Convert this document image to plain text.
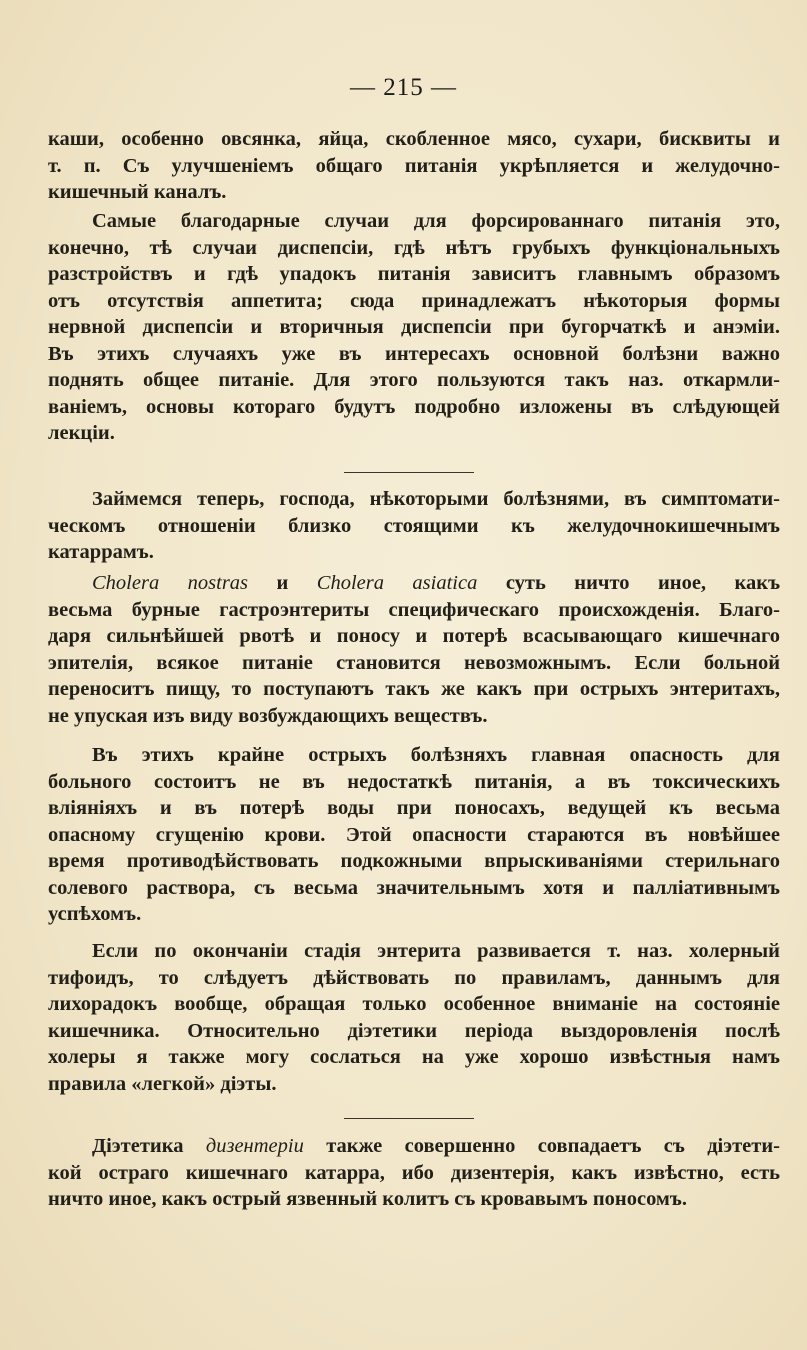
— 215 —
каши, особенно овсянка, яйца, скобленное мясо, сухари, бисквиты и
т. п. Съ улучшеніемъ общаго питанія укрѣпляется и желудочно-
кишечный каналъ.
Самые благодарные случаи для форсированнаго питанія это,
конечно, тѣ случаи диспепсіи, гдѣ нѣтъ грубыхъ функціональныхъ
разстройствъ и гдѣ упадокъ питанія зависитъ главнымъ образомъ
отъ отсутствія аппетита; сюда принадлежатъ нѣкоторыя формы
нервной диспепсіи и вторичныя диспепсіи при бугорчаткѣ и анэміи.
Въ этихъ случаяхъ уже въ интересахъ основной болѣзни важно
поднять общее питаніе. Для этого пользуются такъ наз. откармли-
ваніемъ, основы котораго будутъ подробно изложены въ слѣдующей
лекціи.
Займемся теперь, господа, нѣкоторыми болѣзнями, въ симптомати-
ческомъ отношеніи близко стоящими къ желудочнокишечнымъ
катаррамъ.
Cholera nostras и Cholera asiatica суть ничто иное, какъ
весьма бурные гастроэнтериты специфическаго происхожденія. Благо-
даря сильнѣйшей рвотѣ и поносу и потерѣ всасывающаго кишечнаго
эпителія, всякое питаніе становится невозможнымъ. Если больной
переноситъ пищу, то поступаютъ такъ же какъ при острыхъ энтеритахъ,
не упуская изъ виду возбуждающихъ веществъ.
Въ этихъ крайне острыхъ болѣзняхъ главная опасность для
больного состоитъ не въ недостаткѣ питанія, а въ токсическихъ
вліяніяхъ и въ потерѣ воды при поносахъ, ведущей къ весьма
опасному сгущенію крови. Этой опасности стараются въ новѣйшее
время противодѣйствовать подкожными впрыскиваніями стерильнаго
солевого раствора, съ весьма значительнымъ хотя и палліативнымъ
успѣхомъ.
Если по окончаніи стадія энтерита развивается т. наз. холерный
тифоидъ, то слѣдуетъ дѣйствовать по правиламъ, даннымъ для
лихорадокъ вообще, обращая только особенное вниманіе на состояніе
кишечника. Относительно діэтетики періода выздоровленія послѣ
холеры я также могу сослаться на уже хорошо извѣстныя намъ
правила «легкой» діэты.
Діэтетика дизентеріи также совершенно совпадаетъ съ діэтети-
кой остраго кишечнаго катарра, ибо дизентерія, какъ извѣстно, есть
ничто иное, какъ острый язвенный колитъ съ кровавымъ поносомъ.
